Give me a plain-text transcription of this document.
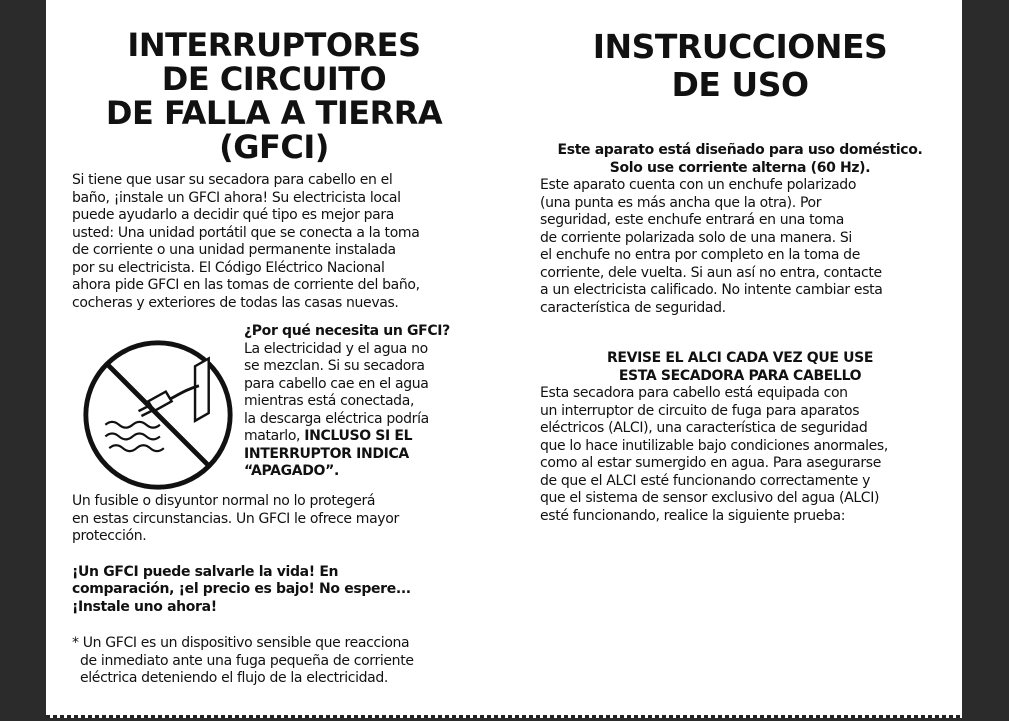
INTERRUPTORES
DE CIRCUITO
DE FALLA A TIERRA
(GFCI)

Si tiene que usar su secadora para cabello en el
baño, ¡instale un GFCI ahora! Su electricista local
puede ayudarlo a decidir qué tipo es mejor para
usted: Una unidad portátil que se conecta a la toma
de corriente o una unidad permanente instalada
por su electricista. El Código Eléctrico Nacional
ahora pide GFCI en las tomas de corriente del baño,
cocheras y exteriores de todas las casas nuevas.

¿Por qué necesita un GFCI?
La electricidad y el agua no
se mezclan. Si su secadora
para cabello cae en el agua
mientras está conectada,
la descarga eléctrica podría
matarlo, INCLUSO SI EL
INTERRUPTOR INDICA
“APAGADO”.

Un fusible o disyuntor normal no lo protegerá
en estas circunstancias. Un GFCI le ofrece mayor
protección.

¡Un GFCI puede salvarle la vida! En
comparación, ¡el precio es bajo! No espere...
¡Instale uno ahora!

* Un GFCI es un dispositivo sensible que reacciona
de inmediato ante una fuga pequeña de corriente
eléctrica deteniendo el flujo de la electricidad.

INSTRUCCIONES
DE USO

Este aparato está diseñado para uso doméstico.
Solo use corriente alterna (60 Hz).

Este aparato cuenta con un enchufe polarizado
(una punta es más ancha que la otra). Por
seguridad, este enchufe entrará en una toma
de corriente polarizada solo de una manera. Si
el enchufe no entra por completo en la toma de
corriente, dele vuelta. Si aun así no entra, contacte
a un electricista calificado. No intente cambiar esta
característica de seguridad.

REVISE EL ALCI CADA VEZ QUE USE
ESTA SECADORA PARA CABELLO

Esta secadora para cabello está equipada con
un interruptor de circuito de fuga para aparatos
eléctricos (ALCI), una característica de seguridad
que lo hace inutilizable bajo condiciones anormales,
como al estar sumergido en agua. Para asegurarse
de que el ALCI esté funcionando correctamente y
que el sistema de sensor exclusivo del agua (ALCI)
esté funcionando, realice la siguiente prueba:
